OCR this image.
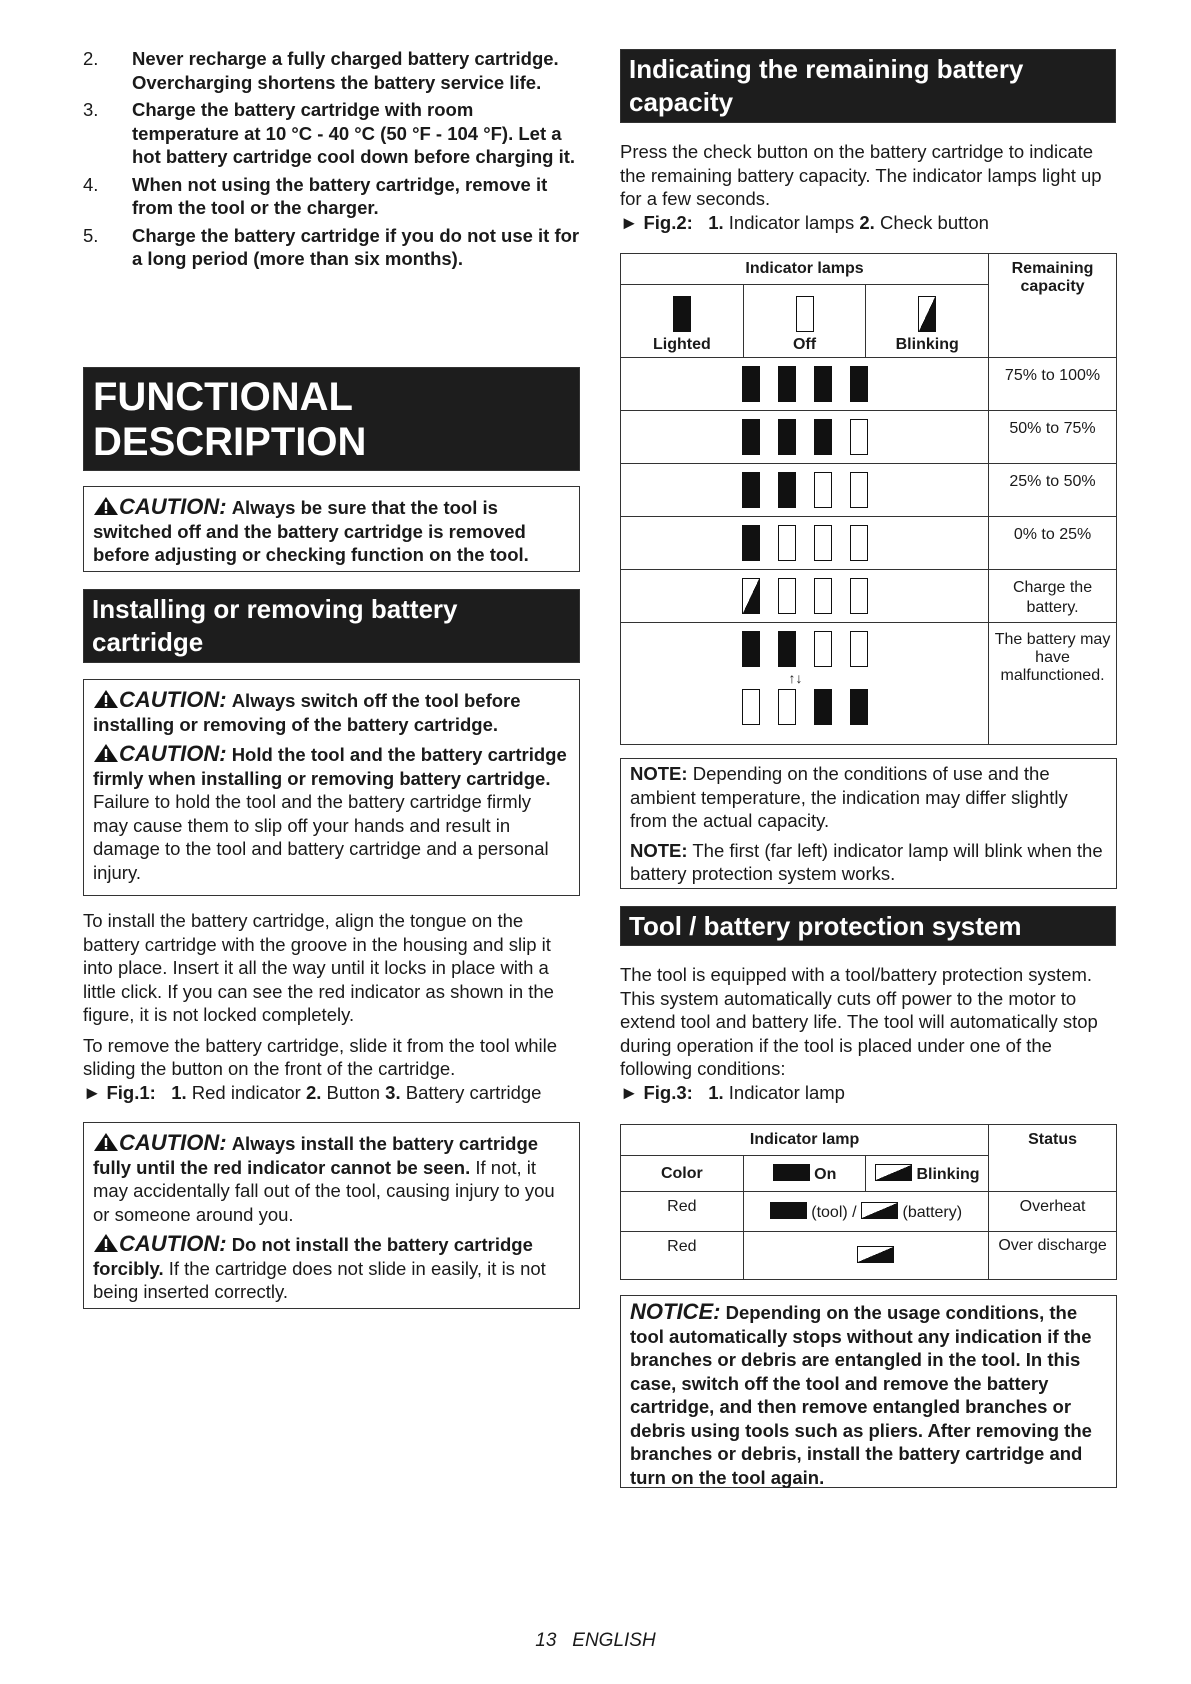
2.	Never recharge a fully charged battery cartridge. Overcharging shortens the battery service life.
3.	Charge the battery cartridge with room temperature at 10 °C - 40 °C (50 °F - 104 °F). Let a hot battery cartridge cool down before charging it.
4.	When not using the battery cartridge, remove it from the tool or the charger.
5.	Charge the battery cartridge if you do not use it for a long period (more than six months).
FUNCTIONAL
DESCRIPTION
CAUTION: Always be sure that the tool is switched off and the battery cartridge is removed before adjusting or checking function on the tool.
Installing or removing battery
cartridge
CAUTION: Always switch off the tool before installing or removing of the battery cartridge.
CAUTION: Hold the tool and the battery cartridge firmly when installing or removing battery cartridge. Failure to hold the tool and the battery cartridge firmly may cause them to slip off your hands and result in damage to the tool and battery cartridge and a personal injury.

To install the battery cartridge, align the tongue on the battery cartridge with the groove in the housing and slip it into place. Insert it all the way until it locks in place with a little click. If you can see the red indicator as shown in the figure, it is not locked completely.

To remove the battery cartridge, slide it from the tool while sliding the button on the front of the cartridge.

► Fig.1: 1. Red indicator 2. Button 3. Battery cartridge

CAUTION: Always install the battery cartridge fully until the red indicator cannot be seen. If not, it may accidentally fall out of the tool, causing injury to you or someone around you.
CAUTION: Do not install the battery cartridge forcibly. If the cartridge does not slide in easily, it is not being inserted correctly.
Indicating the remaining battery
capacity

Press the check button on the battery cartridge to indicate the remaining battery capacity. The indicator lamps light up for a few seconds.

► Fig.2: 1. Indicator lamps 2. Check button

Indicator lamps			Remaining capacity

Lighted	Off	Blinking	

			75% to 100%
			50% to 75%
			25% to 50%
			0% to 25%
			Charge the battery.

↑↓			The battery may have malfunctioned.

NOTE: Depending on the conditions of use and the ambient temperature, the indication may differ slightly from the actual capacity.

NOTE: The first (far left) indicator lamp will blink when the battery protection system works.

Tool / battery protection system

The tool is equipped with a tool/battery protection system. This system automatically cuts off power to the motor to extend tool and battery life. The tool will automatically stop during operation if the tool is placed under one of the following conditions:

► Fig.3: 1. Indicator lamp

Indicator lamp			Status
Color	On	Blinking	
Red	(tool) / (battery)		Overheat
Red			Over discharge
NOTICE: Depending on the usage conditions, the tool automatically stops without any indication if the branches or debris are entangled in the tool. In this case, switch off the tool and remove the battery cartridge, and then remove entangled branches or debris using tools such as pliers. After removing the branches or debris, install the battery cartridge and turn on the tool again.
13 ENGLISH
